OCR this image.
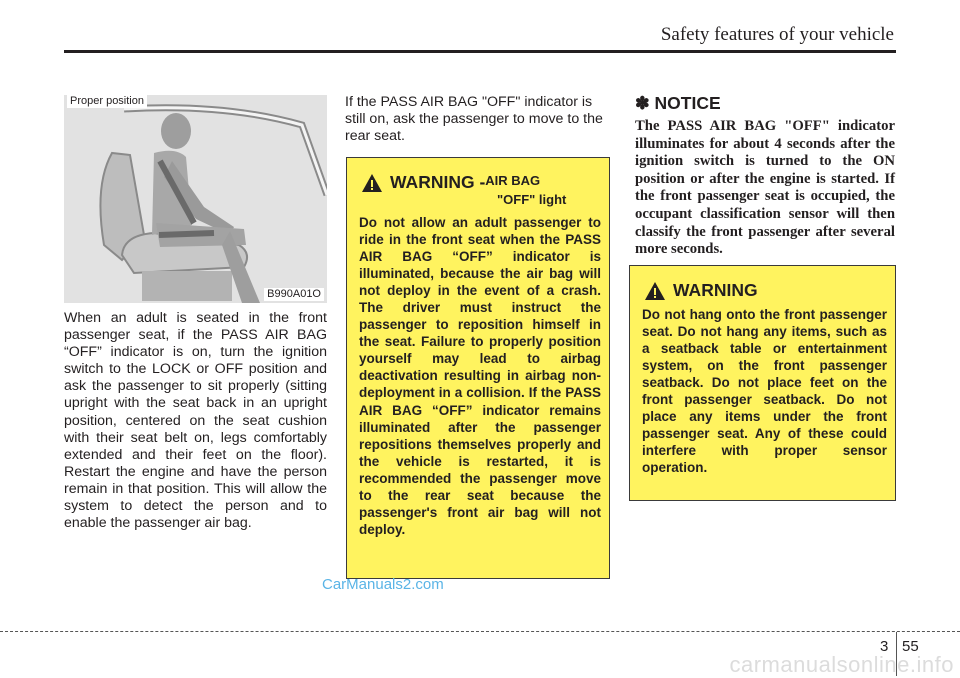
Safety features of your vehicle
Proper position
B990A01O

When an adult is seated in the front passenger seat, if the PASS AIR BAG “OFF” indicator is on, turn the ignition switch to the LOCK or OFF position and ask the passenger to sit properly (sitting upright with the seat back in an upright position, centered on the seat cushion with their seat belt on, legs comfortably extended and their feet on the floor). Restart the engine and have the person remain in that position. This will allow the system to detect the person and to enable the passenger air bag.

If the PASS AIR BAG "OFF" indicator is still on, ask the passenger to move to the rear seat.

WARNING - AIR BAG
"OFF" light

Do not allow an adult passenger to ride in the front seat when the PASS AIR BAG “OFF” indicator is illuminated, because the air bag will not deploy in the event of a crash. The driver must instruct the passenger to reposition himself in the seat. Failure to properly position yourself may lead to airbag deactivation resulting in airbag non-deployment in a collision. If the PASS AIR BAG “OFF” indicator remains illuminated after the passenger repositions themselves properly and the vehicle is restarted, it is recommended the passenger move to the rear seat because the passenger's front air bag will not deploy.

✽ NOTICE

The PASS AIR BAG "OFF" indicator illuminates for about 4 seconds after the ignition switch is turned to the ON position or after the engine is started. If the front passenger seat is occupied, the occupant classification sensor will then classify the front passenger after several more seconds.

WARNING

Do not hang onto the front passenger seat. Do not hang any items, such as a seatback table or entertainment system, on the front passenger seatback. Do not place feet on the front passenger seatback. Do not place any items under the front passenger seat. Any of these could interfere with proper sensor operation.

CarManuals2.com
3 55
carmanualsonline.info
